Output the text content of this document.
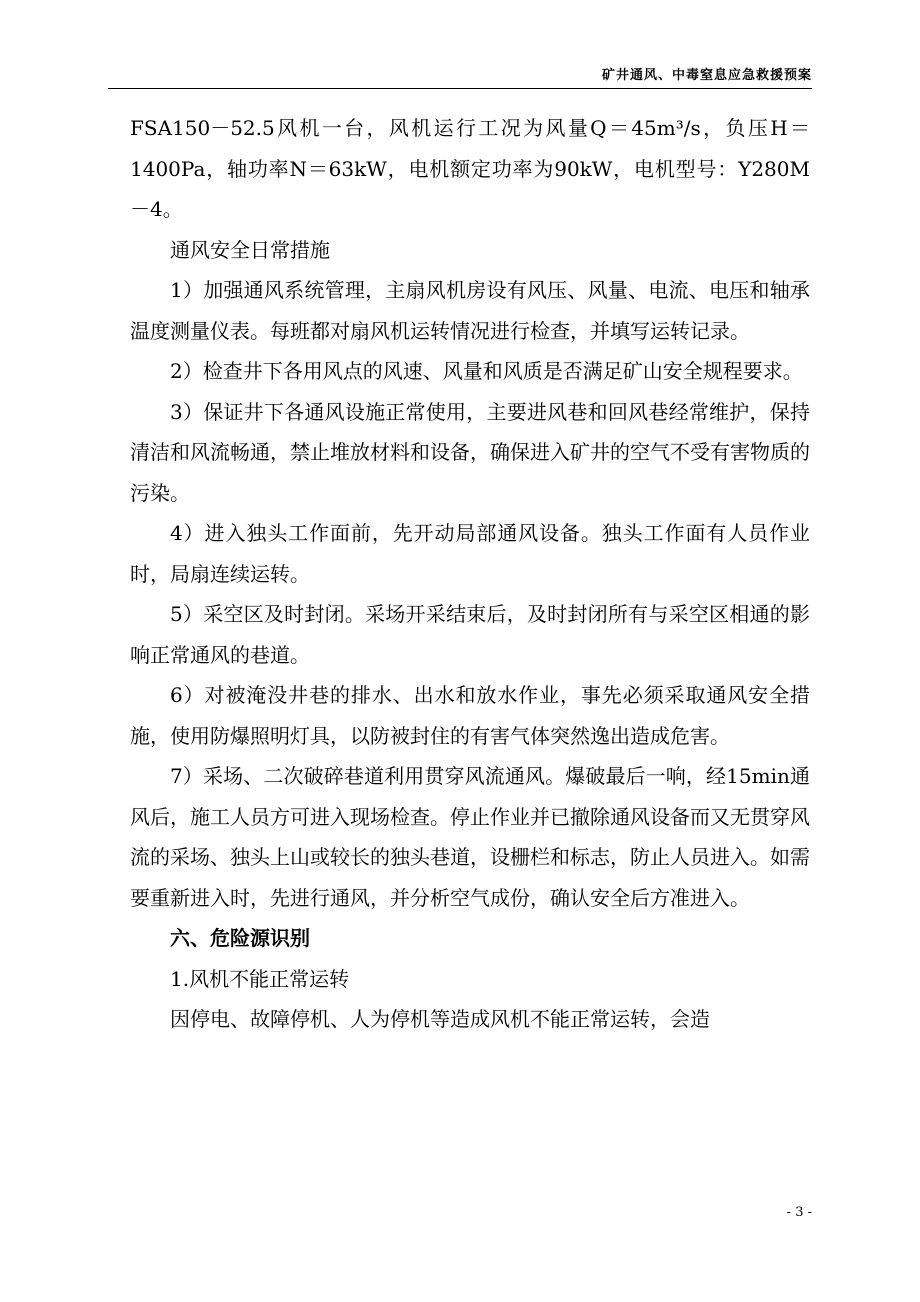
矿井通风、中毒窒息应急救援预案

FSA150－52.5风机一台，风机运行工况为风量Q＝45m³/s，负压H＝1400Pa，轴功率N＝63kW，电机额定功率为90kW，电机型号：Y280M－4。

通风安全日常措施

1）加强通风系统管理，主扇风机房设有风压、风量、电流、电压和轴承温度测量仪表。每班都对扇风机运转情况进行检查，并填写运转记录。

2）检查井下各用风点的风速、风量和风质是否满足矿山安全规程要求。

3）保证井下各通风设施正常使用，主要进风巷和回风巷经常维护，保持清洁和风流畅通，禁止堆放材料和设备，确保进入矿井的空气不受有害物质的污染。

4）进入独头工作面前，先开动局部通风设备。独头工作面有人员作业时，局扇连续运转。

5）采空区及时封闭。采场开采结束后，及时封闭所有与采空区相通的影响正常通风的巷道。

6）对被淹没井巷的排水、出水和放水作业，事先必须采取通风安全措施，使用防爆照明灯具，以防被封住的有害气体突然逸出造成危害。

7）采场、二次破碎巷道利用贯穿风流通风。爆破最后一响，经15min通风后，施工人员方可进入现场检查。停止作业并已撤除通风设备而又无贯穿风流的采场、独头上山或较长的独头巷道，设栅栏和标志，防止人员进入。如需要重新进入时，先进行通风，并分析空气成份，确认安全后方准进入。

六、危险源识别

1.风机不能正常运转

因停电、故障停机、人为停机等造成风机不能正常运转，会造

- 3 -
